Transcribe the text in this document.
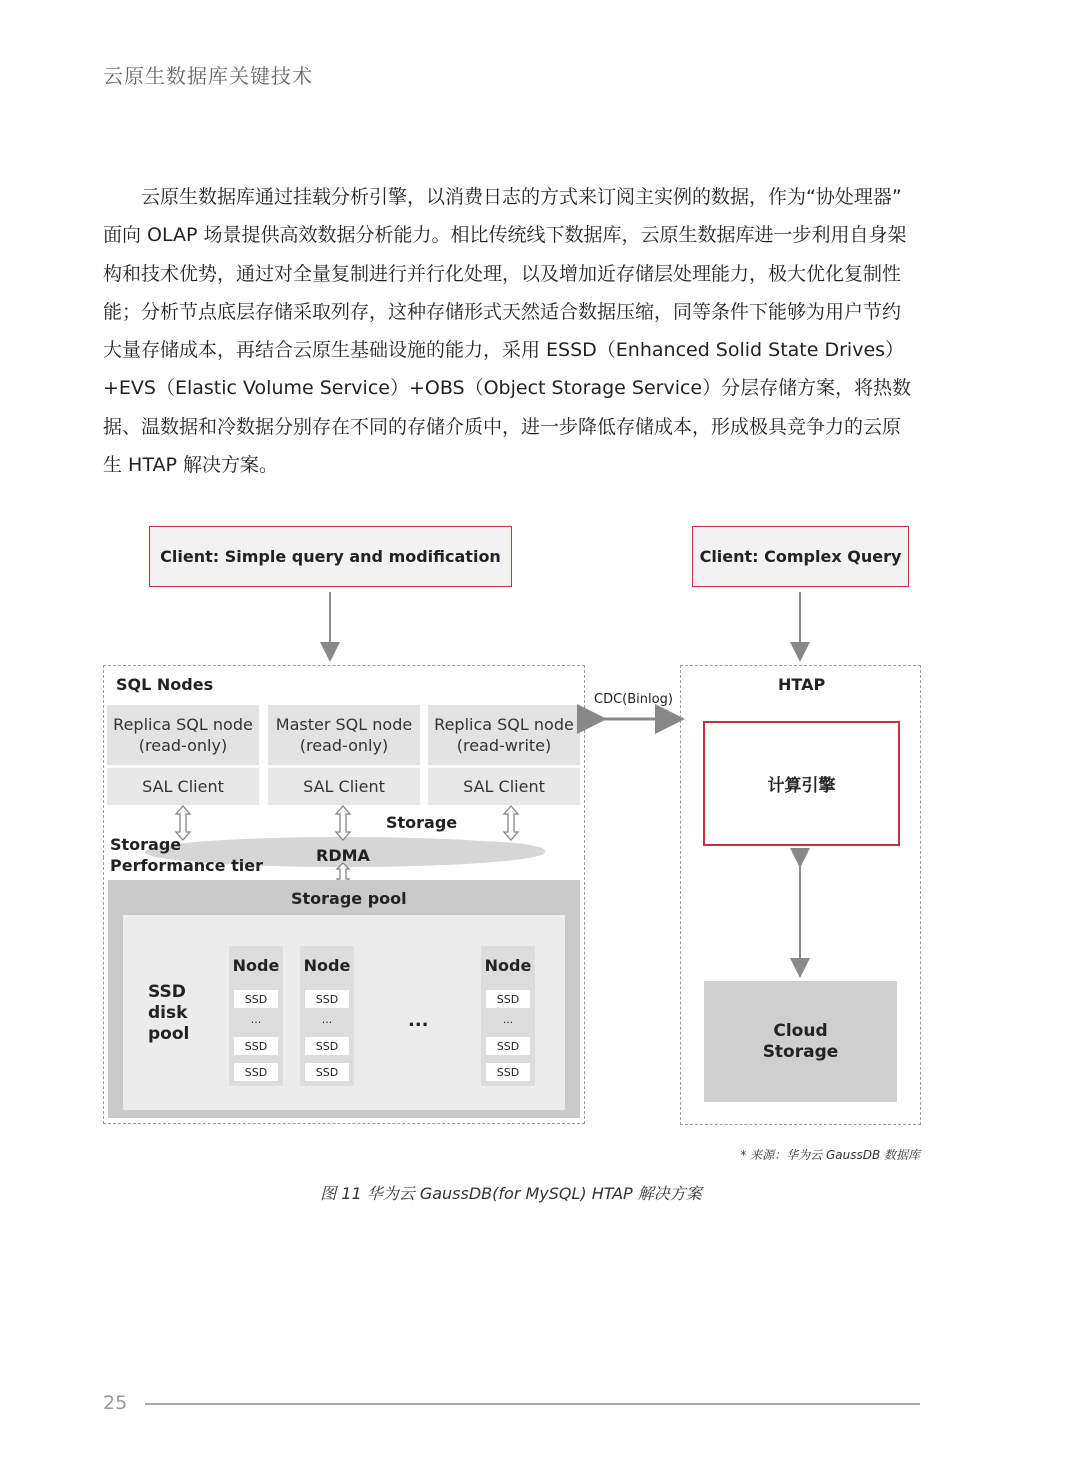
云原生数据库关键技术
云原生数据库通过挂载分析引擎，以消费日志的方式来订阅主实例的数据，作为“协处理器”
面向 OLAP 场景提供高效数据分析能力。相比传统线下数据库，云原生数据库进一步利用自身架
构和技术优势，通过对全量复制进行并行化处理，以及增加近存储层处理能力，极大优化复制性
能；分析节点底层存储采取列存，这种存储形式天然适合数据压缩，同等条件下能够为用户节约
大量存储成本，再结合云原生基础设施的能力，采用 ESSD（Enhanced Solid State Drives）
+EVS（Elastic Volume Service）+OBS（Object Storage Service）分层存储方案，将热数
据、温数据和冷数据分别存在不同的存储介质中，进一步降低存储成本，形成极具竞争力的云原
生 HTAP 解决方案。
Client: Simple query and modification	Client: Complex Query
SQL Nodes	HTAP
Replica SQL node
(read-only)
Master SQL node
(read-only)
Replica SQL node
(read-write)
SAL Client	SAL Client	SAL Client
Storage
Storage
Performance tier
RDMA
Storage pool
SSD
disk
pool
Node
SSD
...
SSD
SSD
Node
SSD
...
SSD
SSD
...
Node
SSD
...
SSD
SSD
CDC(Binlog)
计算引擎
Cloud
Storage
* 来源：华为云 GaussDB 数据库
图 11 华为云 GaussDB(for MySQL) HTAP 解决方案
25
